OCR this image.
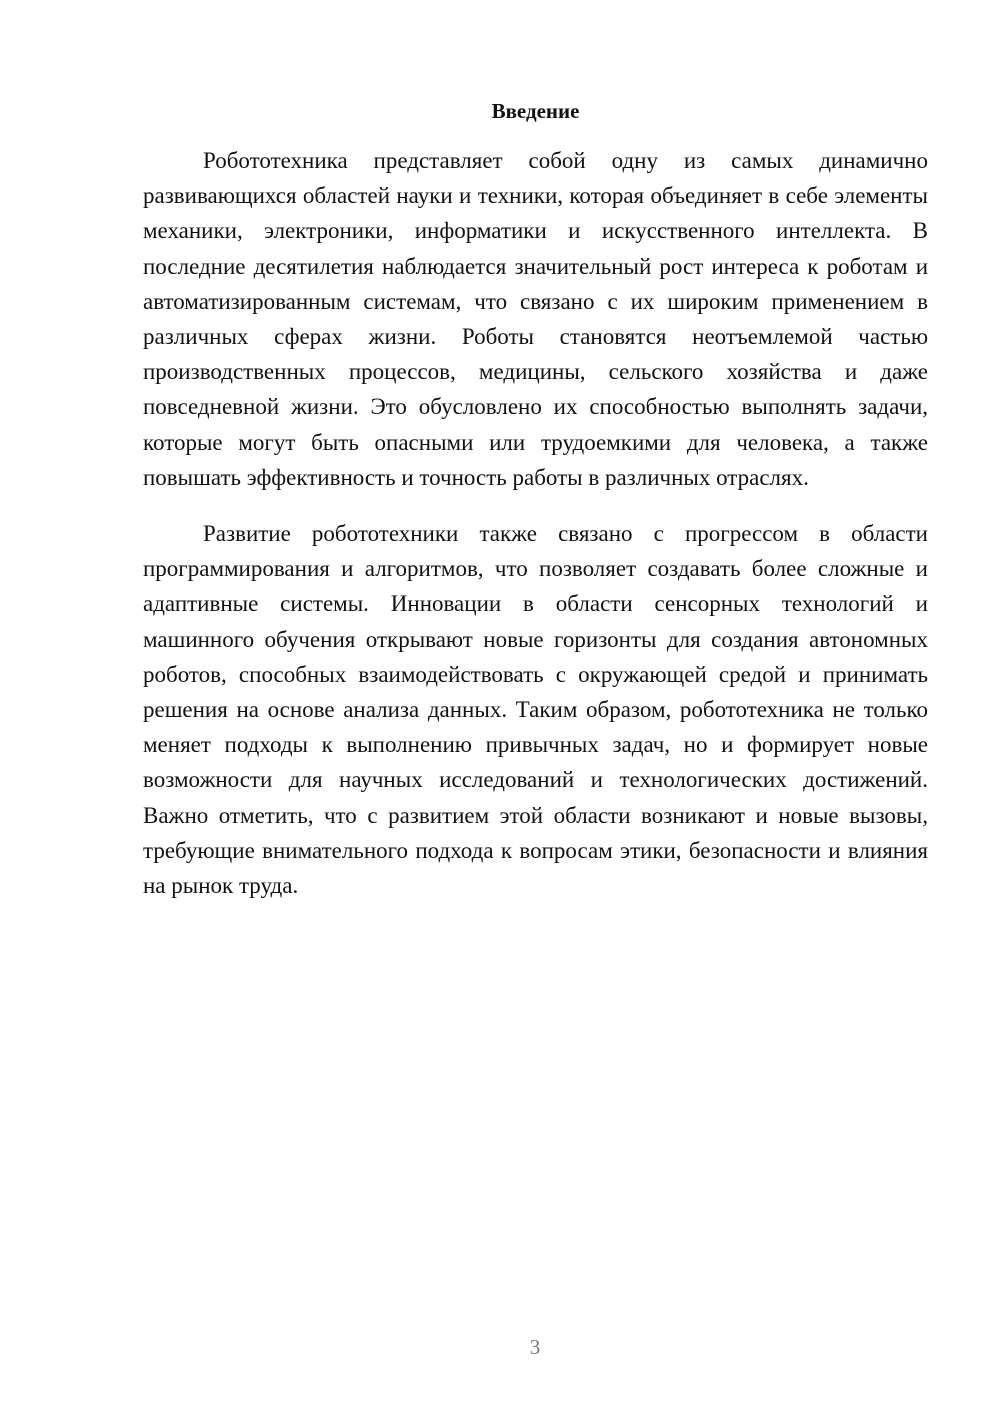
Введение

Робототехника представляет собой одну из самых динамично развивающихся областей науки и техники, которая объединяет в себе элементы механики, электроники, информатики и искусственного интеллекта. В последние десятилетия наблюдается значительный рост интереса к роботам и автоматизированным системам, что связано с их широким применением в различных сферах жизни. Роботы становятся неотъемлемой частью производственных процессов, медицины, сельского хозяйства и даже повседневной жизни. Это обусловлено их способностью выполнять задачи, которые могут быть опасными или трудоемкими для человека, а также повышать эффективность и точность работы в различных отраслях.

Развитие робототехники также связано с прогрессом в области программирования и алгоритмов, что позволяет создавать более сложные и адаптивные системы. Инновации в области сенсорных технологий и машинного обучения открывают новые горизонты для создания автономных роботов, способных взаимодействовать с окружающей средой и принимать решения на основе анализа данных. Таким образом, робототехника не только меняет подходы к выполнению привычных задач, но и формирует новые возможности для научных исследований и технологических достижений. Важно отметить, что с развитием этой области возникают и новые вызовы, требующие внимательного подхода к вопросам этики, безопасности и влияния на рынок труда.

3
